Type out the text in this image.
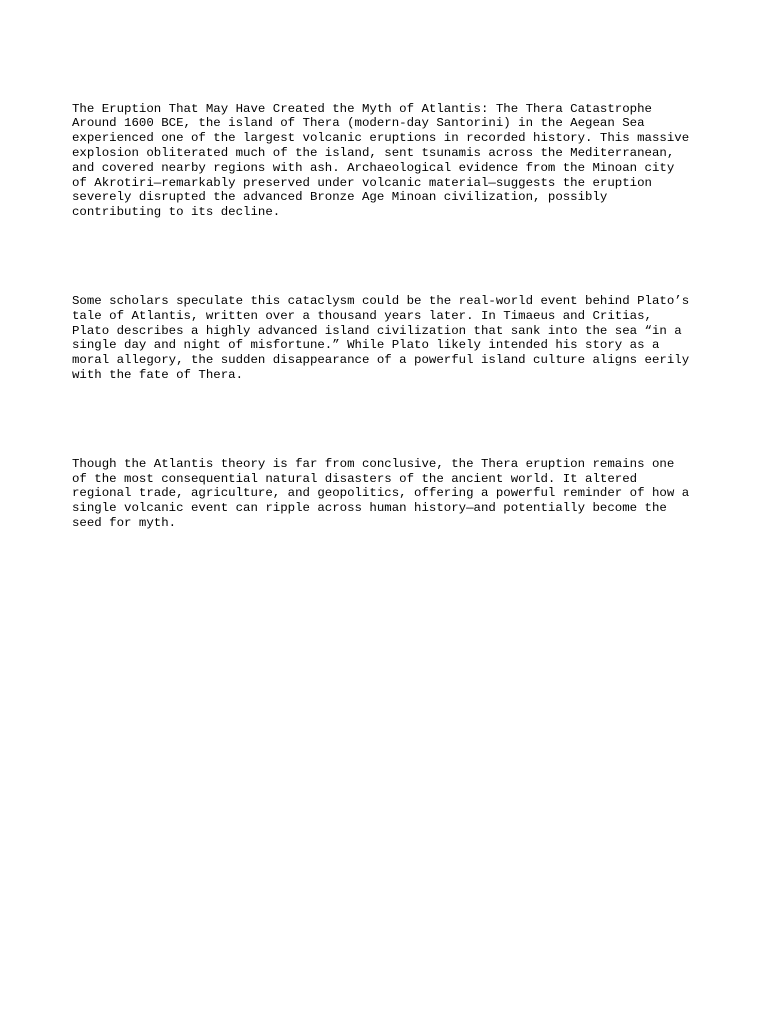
The Eruption That May Have Created the Myth of Atlantis: The Thera Catastrophe
Around 1600 BCE, the island of Thera (modern-day Santorini) in the Aegean Sea
experienced one of the largest volcanic eruptions in recorded history. This massive
explosion obliterated much of the island, sent tsunamis across the Mediterranean,
and covered nearby regions with ash. Archaeological evidence from the Minoan city
of Akrotiri—remarkably preserved under volcanic material—suggests the eruption
severely disrupted the advanced Bronze Age Minoan civilization, possibly
contributing to its decline.

Some scholars speculate this cataclysm could be the real-world event behind Plato’s
tale of Atlantis, written over a thousand years later. In Timaeus and Critias,
Plato describes a highly advanced island civilization that sank into the sea “in a
single day and night of misfortune.” While Plato likely intended his story as a
moral allegory, the sudden disappearance of a powerful island culture aligns eerily
with the fate of Thera.

Though the Atlantis theory is far from conclusive, the Thera eruption remains one
of the most consequential natural disasters of the ancient world. It altered
regional trade, agriculture, and geopolitics, offering a powerful reminder of how a
single volcanic event can ripple across human history—and potentially become the
seed for myth.
